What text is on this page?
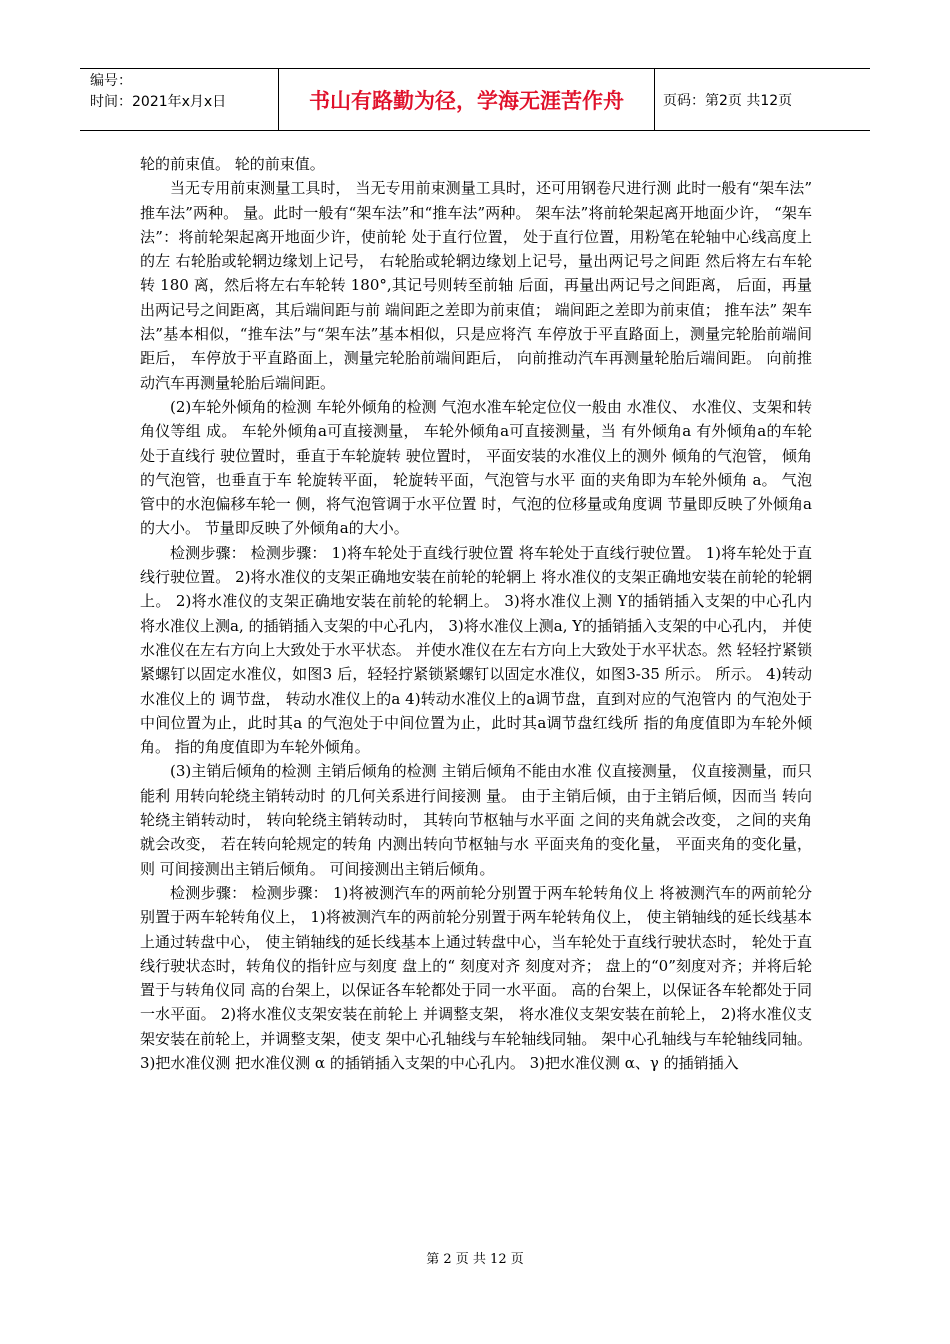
编号：
时间：2021年x月x日	书山有路勤为径，学海无涯苦作舟	页码：第2页 共12页

轮的前束值。 轮的前束值。

当无专用前束测量工具时， 当无专用前束测量工具时，还可用钢卷尺进行测 此时一般有“架车法” 推车法”两种。 量。此时一般有“架车法”和“推车法”两种。 架车法”将前轮架起离开地面少许， “架车法”：将前轮架起离开地面少许，使前轮 处于直行位置， 处于直行位置，用粉笔在轮轴中心线高度上的左 右轮胎或轮辋边缘划上记号， 右轮胎或轮辋边缘划上记号，量出两记号之间距 然后将左右车轮转 180 离，然后将左右车轮转 180°,其记号则转至前轴 后面，再量出两记号之间距离， 后面，再量出两记号之间距离，其后端间距与前 端间距之差即为前束值； 端间距之差即为前束值； 推车法” 架车法”基本相似，“推车法”与“架车法”基本相似，只是应将汽 车停放于平直路面上，测量完轮胎前端间距后， 车停放于平直路面上，测量完轮胎前端间距后， 向前推动汽车再测量轮胎后端间距。 向前推动汽车再测量轮胎后端间距。

(2)车轮外倾角的检测 车轮外倾角的检测 气泡水准车轮定位仪一般由 水准仪、 水准仪、支架和转角仪等组 成。 车轮外倾角a可直接测量， 车轮外倾角a可直接测量，当 有外倾角a 有外倾角a的车轮处于直线行 驶位置时，垂直于车轮旋转 驶位置时， 平面安装的水准仪上的测外 倾角的气泡管， 倾角的气泡管，也垂直于车 轮旋转平面， 轮旋转平面，气泡管与水平 面的夹角即为车轮外倾角 a。 气泡管中的水泡偏移车轮一 侧，将气泡管调于水平位置 时，气泡的位移量或角度调 节量即反映了外倾角a的大小。 节量即反映了外倾角a的大小。

检测步骤： 检测步骤： 1)将车轮处于直线行驶位置 将车轮处于直线行驶位置。 1)将车轮处于直线行驶位置。 2)将水准仪的支架正确地安装在前轮的轮辋上 将水准仪的支架正确地安装在前轮的轮辋上。 2)将水准仪的支架正确地安装在前轮的轮辋上。 3)将水准仪上测 Y的插销插入支架的中心孔内 将水准仪上测a, 的插销插入支架的中心孔内， 3)将水准仪上测a, Y的插销插入支架的中心孔内， 并使水准仪在左右方向上大致处于水平状态。 并使水准仪在左右方向上大致处于水平状态。然 轻轻拧紧锁紧螺钉以固定水准仪，如图3 后，轻轻拧紧锁紧螺钉以固定水准仪，如图3-35 所示。 所示。 4)转动水准仪上的 调节盘， 转动水准仪上的a 4)转动水准仪上的a调节盘，直到对应的气泡管内 的气泡处于中间位置为止，此时其a 的气泡处于中间位置为止，此时其a调节盘红线所 指的角度值即为车轮外倾角。 指的角度值即为车轮外倾角。

(3)主销后倾角的检测 主销后倾角的检测 主销后倾角不能由水准 仪直接测量， 仪直接测量，而只能利 用转向轮绕主销转动时 的几何关系进行间接测 量。 由于主销后倾，由于主销后倾，因而当 转向轮绕主销转动时， 转向轮绕主销转动时， 其转向节枢轴与水平面 之间的夹角就会改变， 之间的夹角就会改变， 若在转向轮规定的转角 内测出转向节枢轴与水 平面夹角的变化量， 平面夹角的变化量，则 可间接测出主销后倾角。 可间接测出主销后倾角。

检测步骤： 检测步骤： 1)将被测汽车的两前轮分别置于两车轮转角仪上 将被测汽车的两前轮分别置于两车轮转角仪上， 1)将被测汽车的两前轮分别置于两车轮转角仪上， 使主销轴线的延长线基本上通过转盘中心， 使主销轴线的延长线基本上通过转盘中心，当车轮处于直线行驶状态时， 轮处于直线行驶状态时，转角仪的指针应与刻度 盘上的“ 刻度对齐 刻度对齐； 盘上的“0”刻度对齐；并将后轮置于与转角仪同 高的台架上，以保证各车轮都处于同一水平面。 高的台架上，以保证各车轮都处于同一水平面。 2)将水准仪支架安装在前轮上 并调整支架， 将水准仪支架安装在前轮上， 2)将水准仪支架安装在前轮上，并调整支架，使支 架中心孔轴线与车轮轴线同轴。 架中心孔轴线与车轮轴线同轴。 3)把水准仪测 把水准仪测 α 的插销插入支架的中心孔内。 3)把水准仪测 α、γ 的插销插入

第 2 页 共 12 页
